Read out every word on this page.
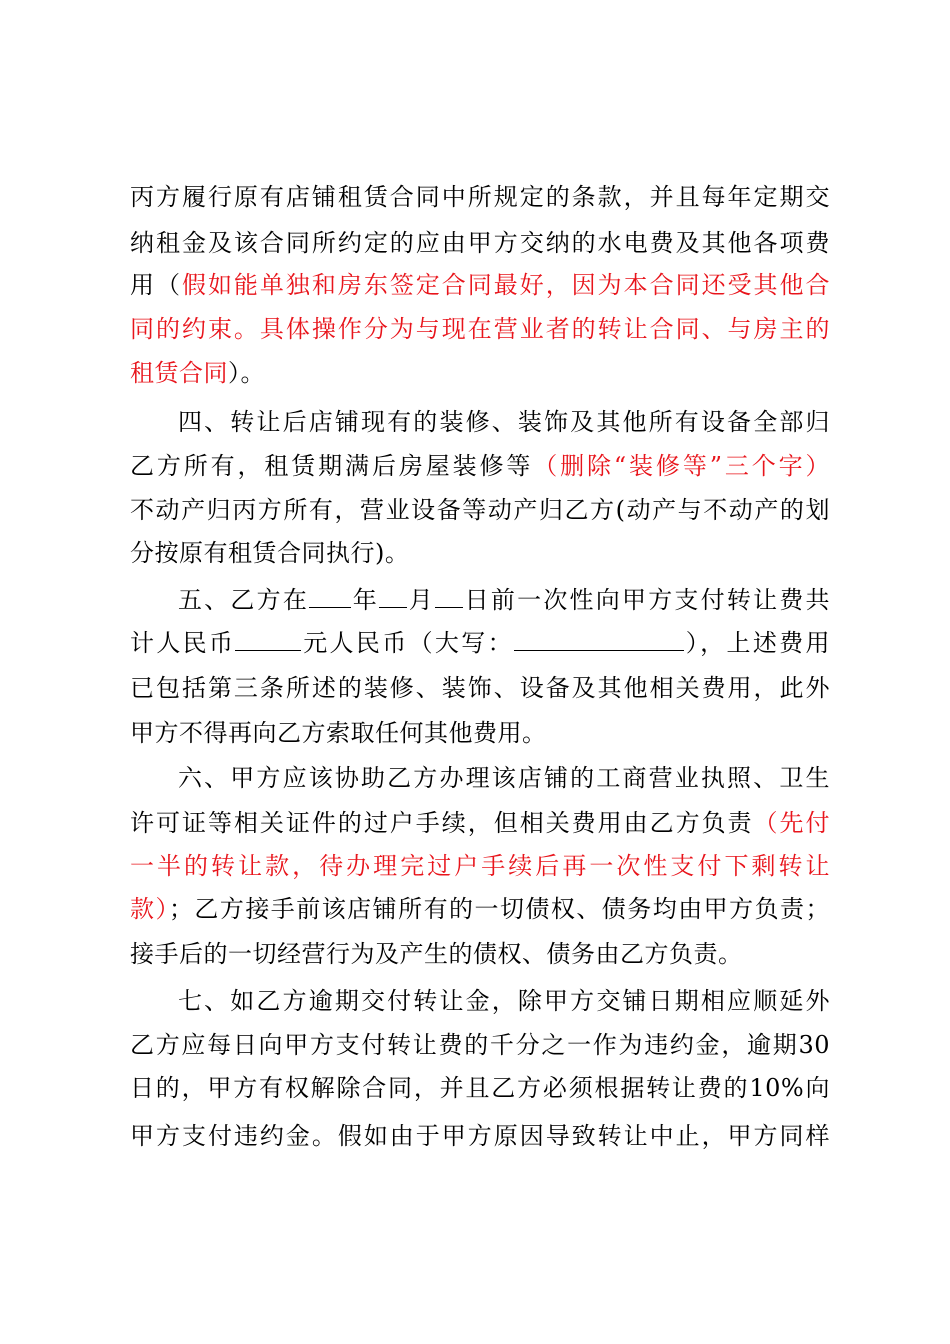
丙方履行原有店铺租赁合同中所规定的条款，并且每年定期交
纳租金及该合同所约定的应由甲方交纳的水电费及其他各项费
用（假如能单独和房东签定合同最好，因为本合同还受其他合
同的约束。具体操作分为与现在营业者的转让合同、与房主的
租赁合同）。
四、转让后店铺现有的装修、装饰及其他所有设备全部归
乙方所有，租赁期满后房屋装修等（删除“装修等”三个字）
不动产归丙方所有，营业设备等动产归乙方(动产与不动产的划
分按原有租赁合同执行)。
五、乙方在 年 月 日前一次性向甲方支付转让费共
计人民币	元人民币（大写：	），上述费用
已包括第三条所述的装修、装饰、设备及其他相关费用，此外
甲方不得再向乙方索取任何其他费用。
六、甲方应该协助乙方办理该店铺的工商营业执照、卫生
许可证等相关证件的过户手续，但相关费用由乙方负责（先付
一半的转让款，待办理完过户手续后再一次性支付下剩转让
款）；乙方接手前该店铺所有的一切债权、债务均由甲方负责；
接手后的一切经营行为及产生的债权、债务由乙方负责。
七、如乙方逾期交付转让金，除甲方交铺日期相应顺延外
乙方应每日向甲方支付转让费的千分之一作为违约金，逾期30
日的，甲方有权解除合同，并且乙方必须根据转让费的10%向
甲方支付违约金。假如由于甲方原因导致转让中止，甲方同样
